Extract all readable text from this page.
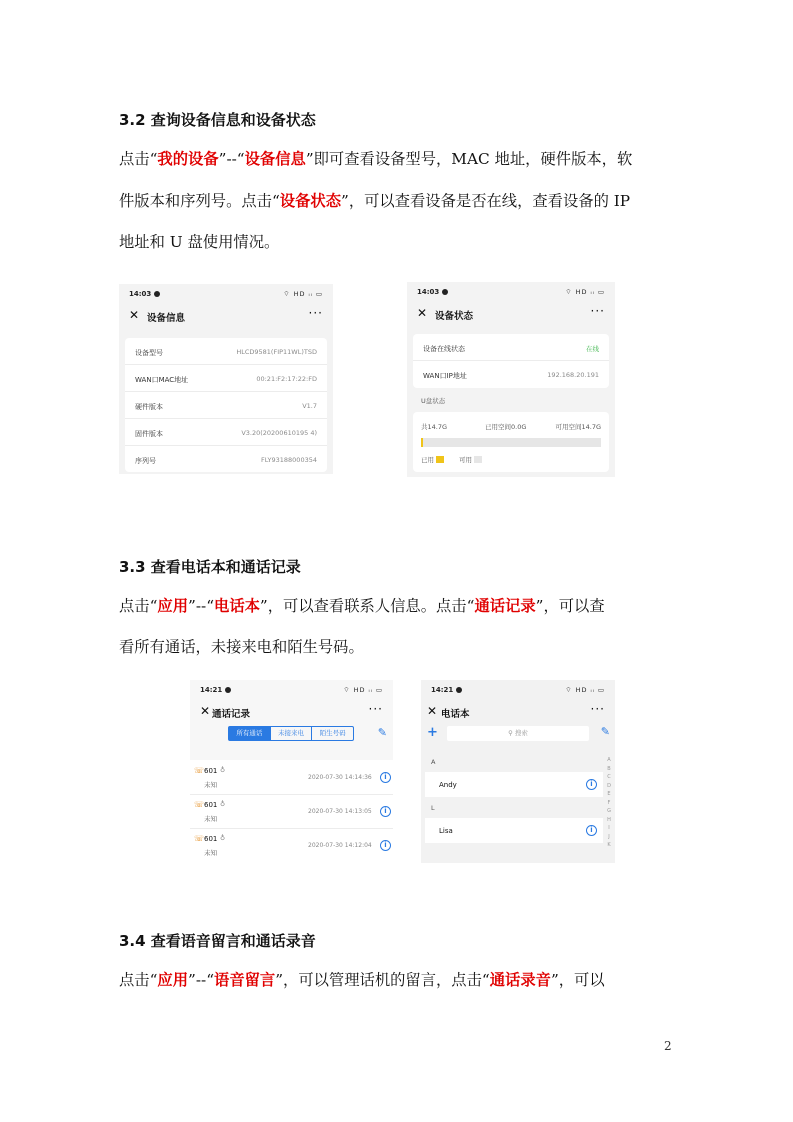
3.2 查询设备信息和设备状态
点击“我的设备”--“设备信息”即可查看设备型号，MAC 地址，硬件版本，软
件版本和序列号。点击“设备状态”，可以查看设备是否在线，查看设备的 IP
地址和 U 盘使用情况。
14:03	⌔ HD ᵢₗ ▭
✕ 设备信息	···
设备型号	HLCD9581(FIP11WL)TSD
WAN口MAC地址	00:21:F2:17:22:FD
硬件版本	V1.7
固件版本	V3.20(20200610195 4)
序列号	FLY93188000354
14:03	⌔ HD ᵢₗ ▭
✕ 设备状态	···
设备在线状态	在线
WAN口IP地址	192.168.20.191
U盘状态
共14.7G	已用空间0.0G	可用空间14.7G
已用	可用
3.3 查看电话本和通话记录
点击“应用”--“电话本”，可以查看联系人信息。点击“通话记录”，可以查
看所有通话，未接来电和陌生号码。
14:21	⌔ HD ᵢₗ ▭
✕ 通话记录	···
所有通话	未接来电	陌生号码	✎
☏ 601 ♁
未知
2020-07-30 14:14:36	i
☏ 601 ♁
未知
2020-07-30 14:13:05	i
☏ 601 ♁
未知
2020-07-30 14:12:04	i
14:21	⌔ HD ᵢₗ ▭
✕ 电话本	···
+	⚲ 搜索	✎
A
Andy	i
L
Lisa	i
A
B
C
D
E
F
G
H
I
J
K
3.4 查看语音留言和通话录音
点击“应用”--“语音留言”，可以管理话机的留言，点击“通话录音”，可以
2
